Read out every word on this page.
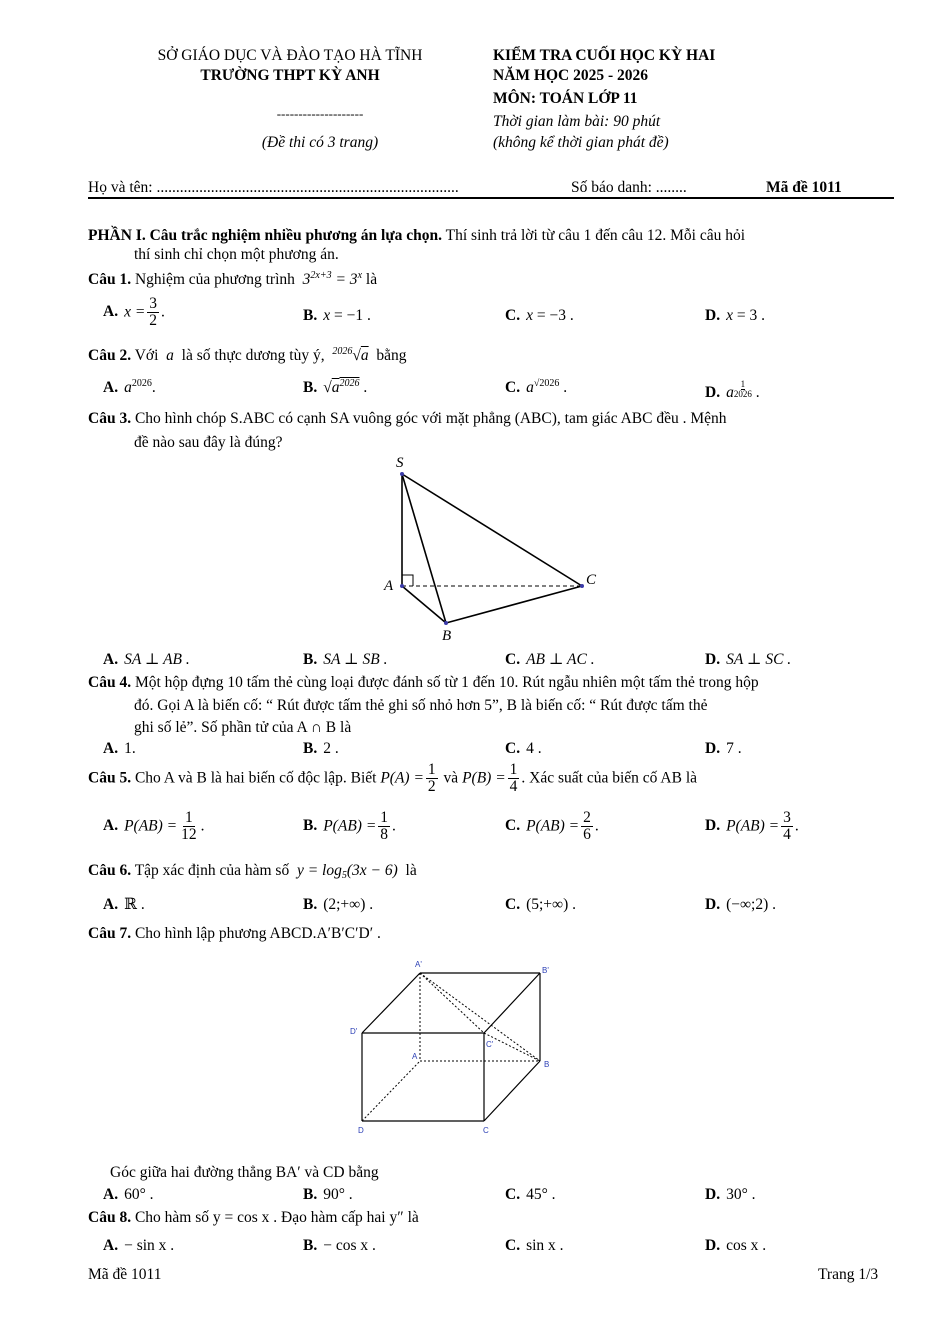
SỞ GIÁO DỤC VÀ ĐÀO TẠO HÀ TĨNH
TRƯỜNG THPT KỲ ANH
--------------------
(Đề thi có 3 trang)
KIỂM TRA CUỐI HỌC KỲ HAI
NĂM HỌC 2025 - 2026
MÔN: TOÁN LỚP 11
Thời gian làm bài: 90 phút
(không kể thời gian phát đề)
Họ và tên: ..............................................................................	Số báo danh: ........	Mã đề 1011
PHẦN I. Câu trắc nghiệm nhiều phương án lựa chọn. Thí sinh trả lời từ câu 1 đến câu 12. Mỗi câu hỏi
thí sinh chỉ chọn một phương án.
Câu 1. Nghiệm của phương trình  $3^{2x+3} = 3^x$ là
A. $x = \frac{3}{2}$ .	B. x = −1 .	C. x = −3 .	D. x = 3 .
Câu 2. Với  a  là số thực dương tùy ý, $^{2026}$√a bằng
A. $a^{2026}$.	B. $√a^{2026}$ .	C. $a^{√2026}$ .	D. a $\frac{1}{2026}$ .
Câu 3. Cho hình chóp S.ABC có cạnh SA vuông góc với mặt phẳng (ABC), tam giác ABC đều . Mệnh
đề nào sau đây là đúng?
S
A
B
C
A. SA ⊥ AB .	B. SA ⊥ SB .	C. AB ⊥ AC .	D. SA ⊥ SC .
Câu 4. Một hộp đựng 10 tấm thẻ cùng loại được đánh số từ 1 đến 10. Rút ngẫu nhiên một tấm thẻ trong hộp
đó. Gọi A là biến cố: “ Rút được tấm thẻ ghi số nhỏ hơn 5”, B là biến cố: “ Rút được tấm thẻ
ghi số lẻ”. Số phần tử của A ∩ B là
A. 1.	B. 2 .	C. 4 .	D. 7 .
Câu 5. Cho A và B là hai biến cố độc lập. Biết $P(A) = \frac{1}{2}$ và $P(B) = \frac{1}{4}$ . Xác suất của biến cố AB là
A. $P(AB) = \frac{1}{12}$ .	B. $P(AB) = \frac{1}{8}$ .	C. $P(AB) = \frac{2}{6}$ .	D. $P(AB) = \frac{3}{4}$ .
Câu 6. Tập xác định của hàm số  $y = \log_5(3x - 6)$  là
A. ℝ .	B. (2;+∞) .	C. (5;+∞) .	D. (−∞;2) .
Câu 7. Cho hình lập phương ABCD.A′B′C′D′ .
A'
B'
C'
D'
A
B
C
D
Góc giữa hai đường thẳng BA′ và CD bằng
A. 60° .	B. 90° .	C. 45° .	D. 30° .
Câu 8. Cho hàm số y = cos x . Đạo hàm cấp hai y″ là
A. − sin x .	B. − cos x .	C. sin x .	D. cos x .
Mã đề 1011	Trang 1/3
